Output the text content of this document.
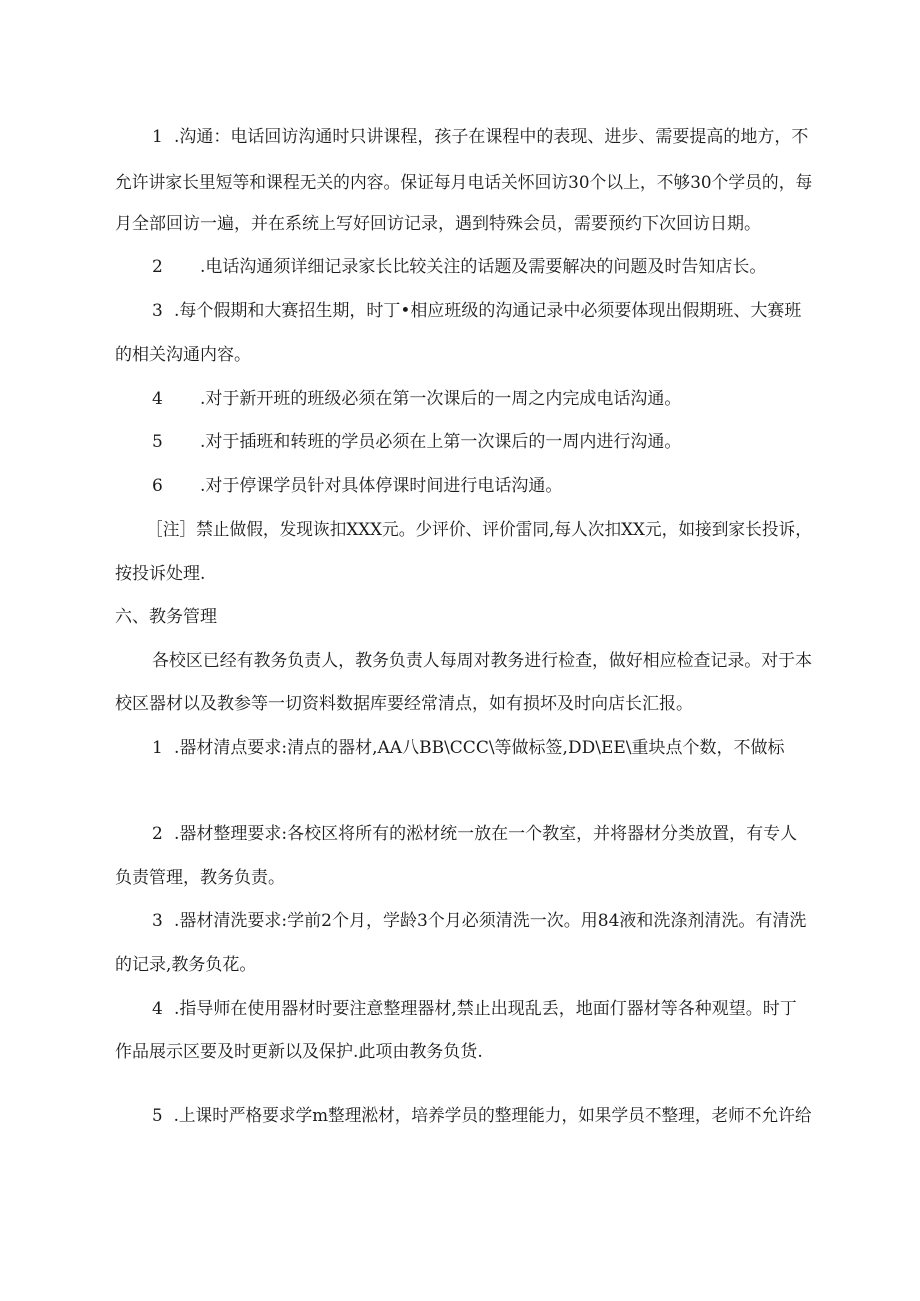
1 .沟通：电话回访沟通时只讲课程，孩子在课程中的表现、进步、需要提高的地方，不
允许讲家长里短等和课程无关的内容。保证每月电话关怀回访30个以上，不够30个学员的，每
月全部回访一遍，并在系统上写好回访记录，遇到特殊会员，需要预约下次回访日期。
2 .电话沟通须详细记录家长比较关注的话题及需要解决的问题及时告知店长。
3 .每个假期和大赛招生期，时丁•相应班级的沟通记录中必须要体现出假期班、大赛班
的相关沟通内容。
4 .对于新开班的班级必须在第一次课后的一周之内完成电话沟通。
5 .对于插班和转班的学员必须在上第一次课后的一周内进行沟通。
6 .对于停课学员针对具体停课时间进行电话沟通。
［注］禁止做假，发现诙扣XXX元。少评价、评价雷同,每人次扣XX元，如接到家长投诉，
按投诉处理.
六、教务管理
各校区已经有教务负责人，教务负责人每周对教务进行检查，做好相应检查记录。对于本
校区器材以及教参等一切资料数据库要经常清点，如有损坏及时向店长汇报。
1 .器材清点要求:清点的器材,AA八BB\CCC\等做标签,DD\EE\重块点个数，不做标
2 .器材整理要求:各校区将所有的淞材统一放在一个教室，并将器材分类放置，有专人
负责管理，教务负责。
3 .器材清洗要求:学前2个月，学龄3个月必须清洗一次。用84液和洗涤剂清洗。有清洗
的记录,教务负花。
4 .指导师在使用器材时要注意整理器材,禁止出现乱丢，地面仃器材等各种观望。时丁
作品展示区要及时更新以及保护.此项由教务负货.
5 .上课时严格要求学m整理淞材，培养学员的整理能力，如果学员不整理，老师不允许给
